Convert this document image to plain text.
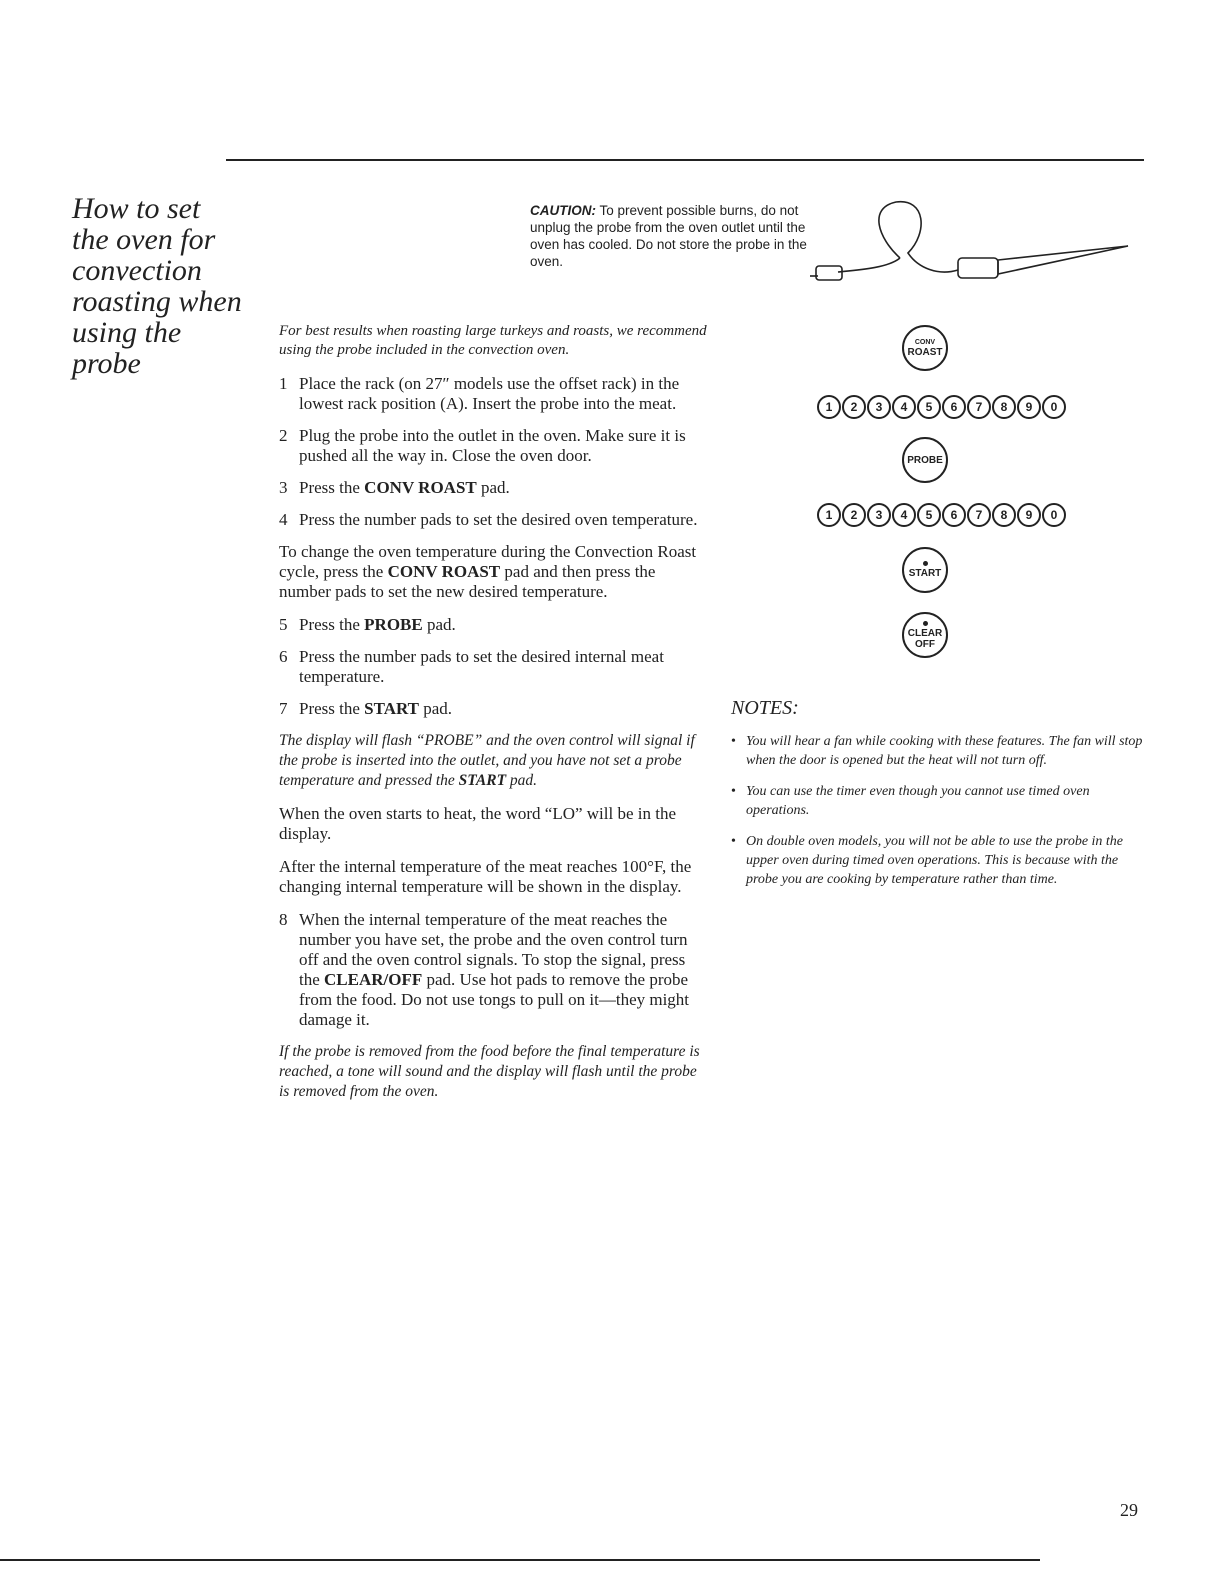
How to set the oven for convection roasting when using the probe
CAUTION: To prevent possible burns, do not unplug the probe from the oven outlet until the oven has cooled. Do not store the probe in the oven.

For best results when roasting large turkeys and roasts, we recommend using the probe included in the convection oven.

1 Place the rack (on 27″ models use the offset rack) in the lowest rack position (A). Insert the probe into the meat.
2 Plug the probe into the outlet in the oven. Make sure it is pushed all the way in. Close the oven door.
3 Press the CONV ROAST pad.
4 Press the number pads to set the desired oven temperature.

To change the oven temperature during the Convection Roast cycle, press the CONV ROAST pad and then press the number pads to set the new desired temperature.

5 Press the PROBE pad.
6 Press the number pads to set the desired internal meat temperature.
7 Press the START pad.

The display will flash “PROBE” and the oven control will signal if the probe is inserted into the outlet, and you have not set a probe temperature and pressed the START pad.

When the oven starts to heat, the word “LO” will be in the display.

After the internal temperature of the meat reaches 100°F, the changing internal temperature will be shown in the display.

8 When the internal temperature of the meat reaches the number you have set, the probe and the oven control turn off and the oven control signals. To stop the signal, press the CLEAR/OFF pad. Use hot pads to remove the probe from the food. Do not use tongs to pull on it—they might damage it.

If the probe is removed from the food before the final temperature is reached, a tone will sound and the display will flash until the probe is removed from the oven.

CONV
ROAST
1	2	3	4	5	6	7	8	9	0
PROBE
1	2	3	4	5	6	7	8	9	0
START
CLEAR
OFF
NOTES:
• You will hear a fan while cooking with these features. The fan will stop when the door is opened but the heat will not turn off.
• You can use the timer even though you cannot use timed oven operations.
• On double oven models, you will not be able to use the probe in the upper oven during timed oven operations. This is because with the probe you are cooking by temperature rather than time.
29
